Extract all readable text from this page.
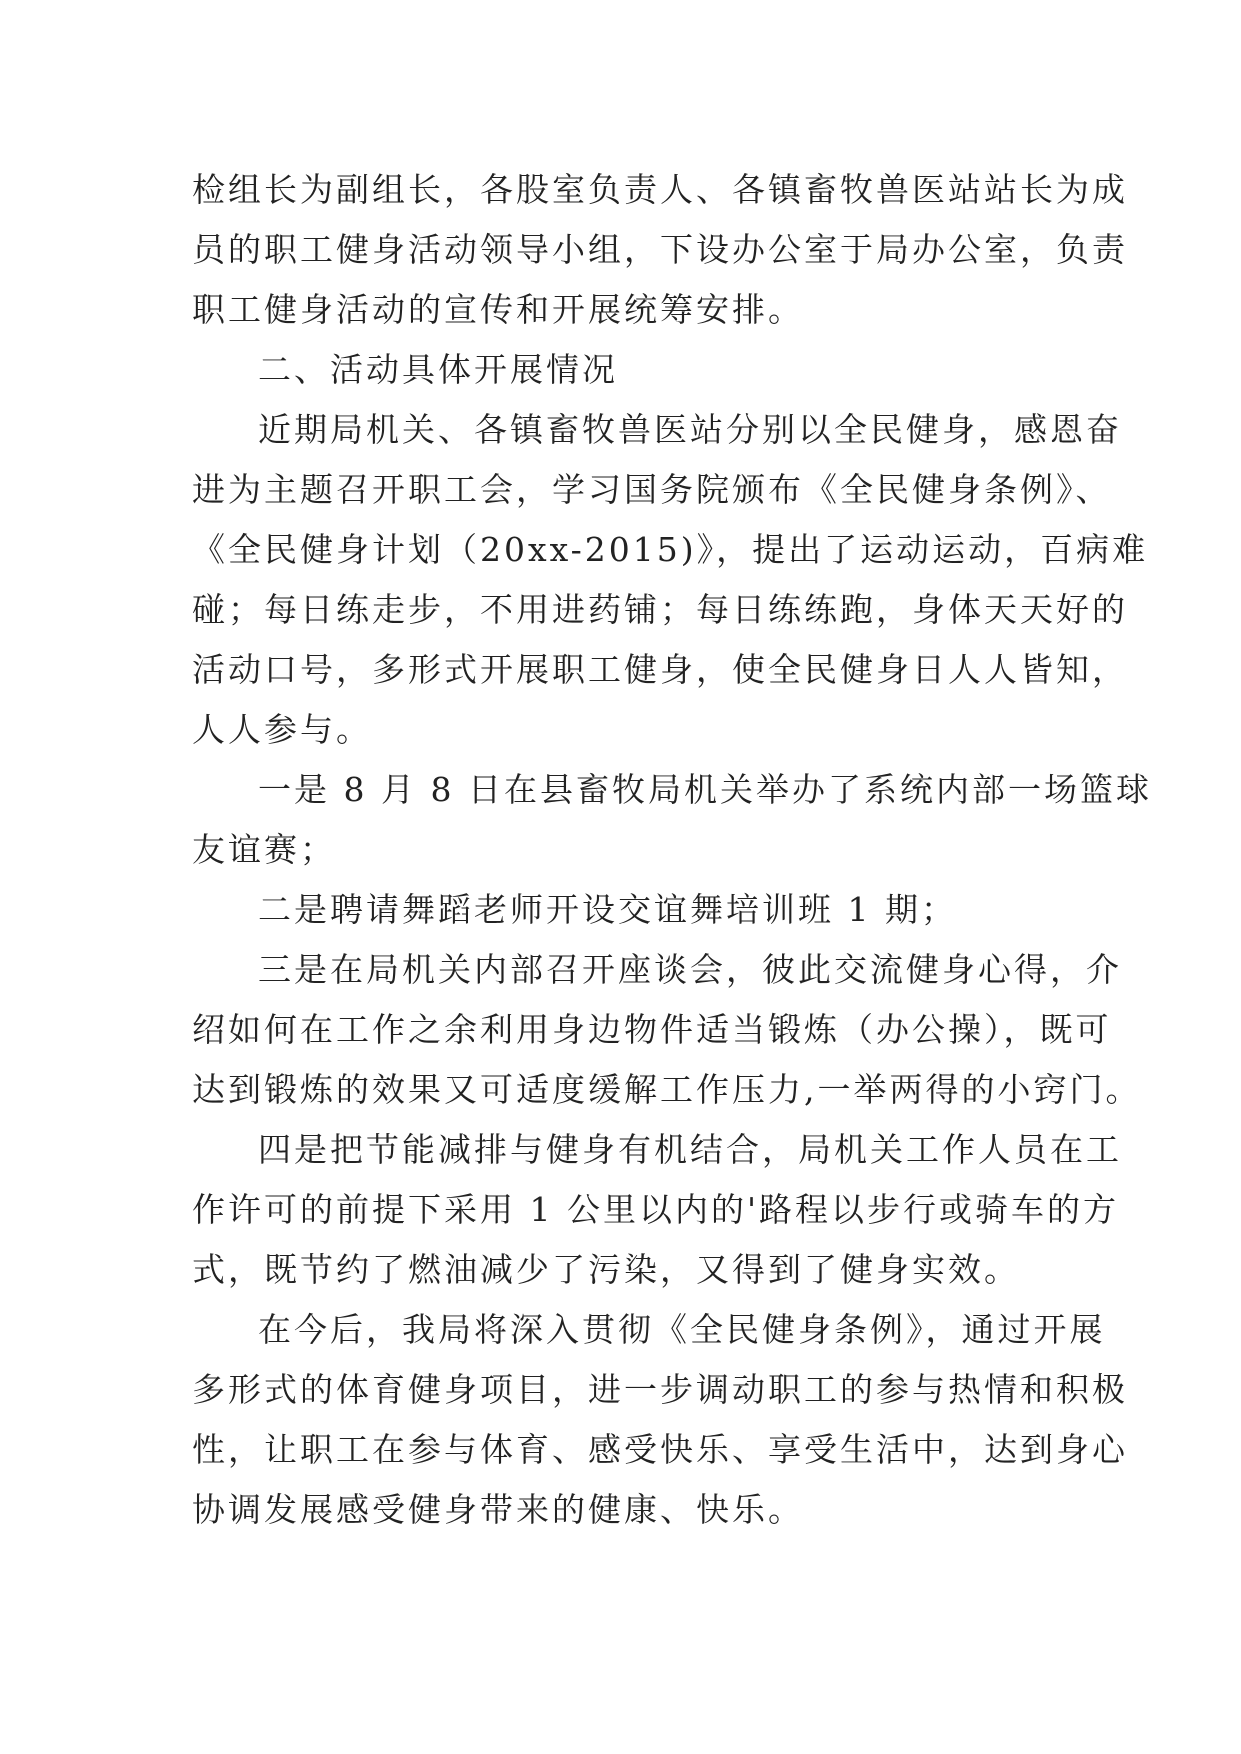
检组长为副组长，各股室负责人、各镇畜牧兽医站站长为成
员的职工健身活动领导小组，下设办公室于局办公室，负责
职工健身活动的宣传和开展统筹安排。
二、活动具体开展情况
近期局机关、各镇畜牧兽医站分别以全民健身，感恩奋
进为主题召开职工会，学习国务院颁布《全民健身条例》、
《全民健身计划（20xx-2015)》，提出了运动运动，百病难
碰；每日练走步，不用进药铺；每日练练跑，身体天天好的
活动口号，多形式开展职工健身，使全民健身日人人皆知，
人人参与。
一是 8 月 8 日在县畜牧局机关举办了系统内部一场篮球
友谊赛；
二是聘请舞蹈老师开设交谊舞培训班 1 期；
三是在局机关内部召开座谈会，彼此交流健身心得，介
绍如何在工作之余利用身边物件适当锻炼（办公操），既可
达到锻炼的效果又可适度缓解工作压力,一举两得的小窍门。
四是把节能减排与健身有机结合，局机关工作人员在工
作许可的前提下采用 1 公里以内的'路程以步行或骑车的方
式，既节约了燃油减少了污染，又得到了健身实效。
在今后，我局将深入贯彻《全民健身条例》，通过开展
多形式的体育健身项目，进一步调动职工的参与热情和积极
性，让职工在参与体育、感受快乐、享受生活中，达到身心
协调发展感受健身带来的健康、快乐。
